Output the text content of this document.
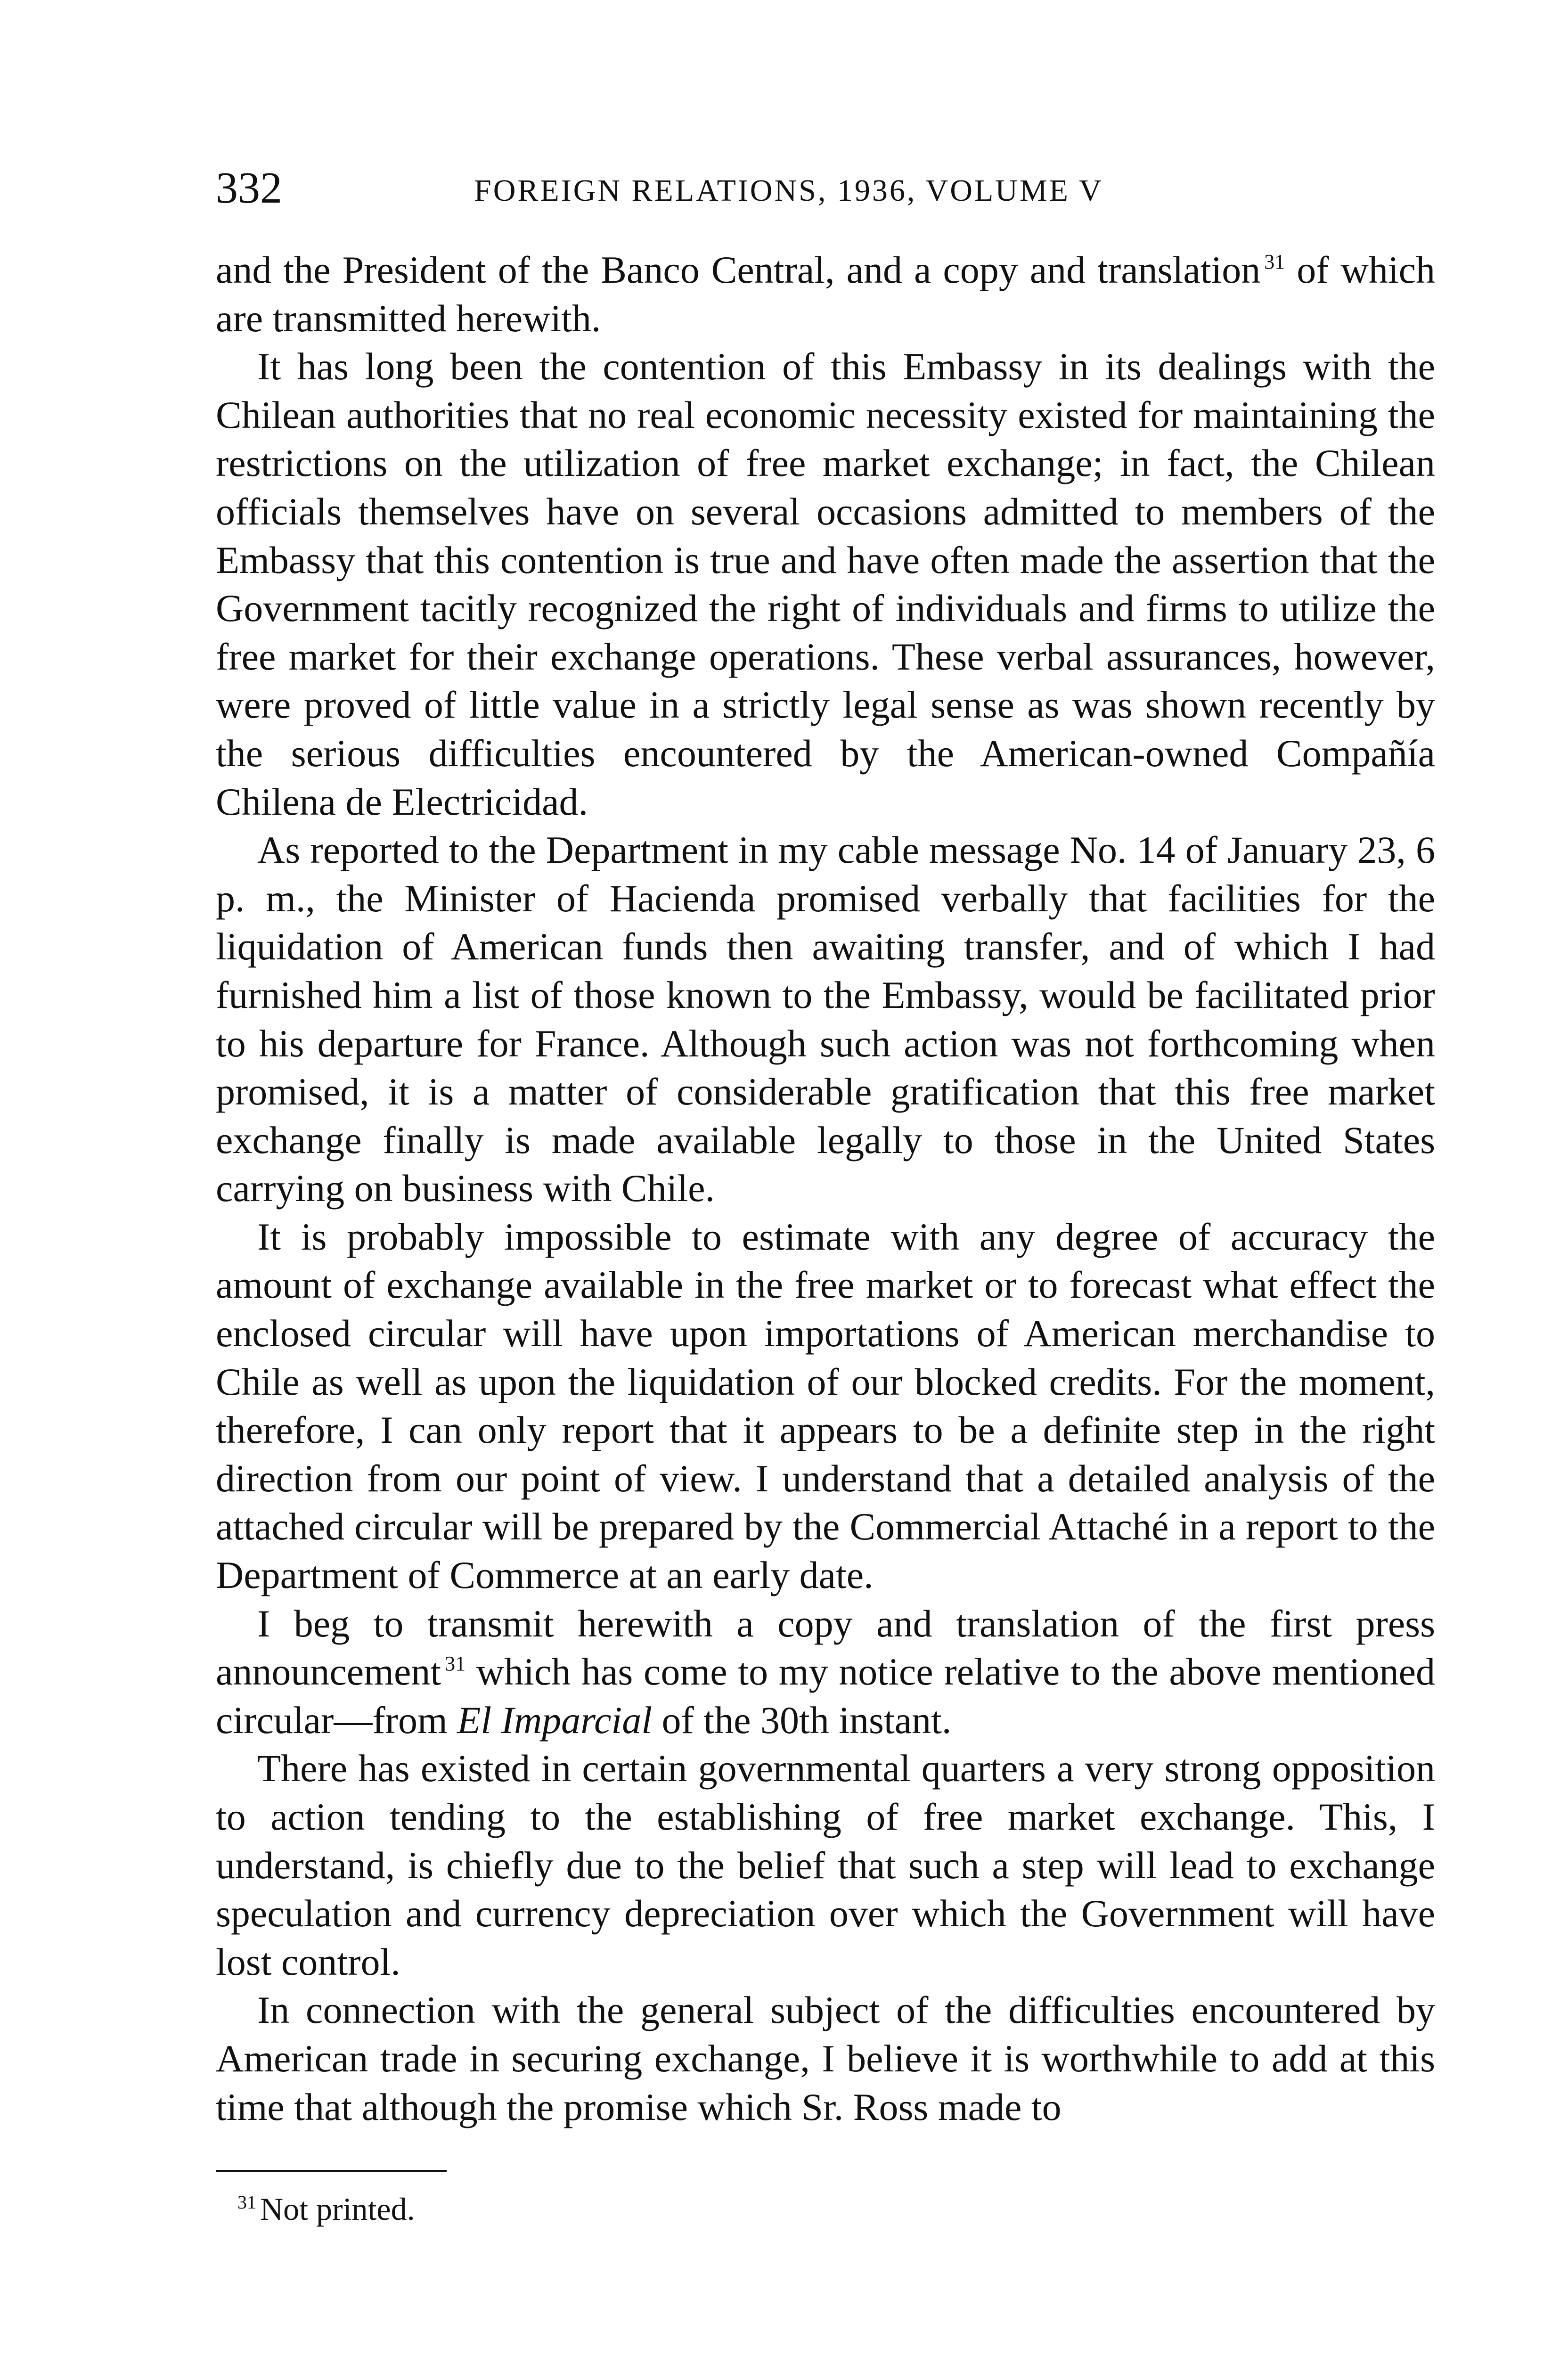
332	FOREIGN RELATIONS, 1936, VOLUME V

and the President of the Banco Central, and a copy and translation $^{31}$ of which are transmitted herewith.

It has long been the contention of this Embassy in its dealings with the Chilean authorities that no real economic necessity existed for maintaining the restrictions on the utilization of free market exchange; in fact, the Chilean officials themselves have on several occasions admitted to members of the Embassy that this contention is true and have often made the assertion that the Government tacitly recognized the right of individuals and firms to utilize the free market for their exchange operations. These verbal assurances, however, were proved of little value in a strictly legal sense as was shown recently by the serious difficulties encountered by the American-owned Compañía Chilena de Electricidad.

As reported to the Department in my cable message No. 14 of January 23, 6 p. m., the Minister of Hacienda promised verbally that facilities for the liquidation of American funds then awaiting transfer, and of which I had furnished him a list of those known to the Embassy, would be facilitated prior to his departure for France. Although such action was not forthcoming when promised, it is a matter of considerable gratification that this free market exchange finally is made available legally to those in the United States carrying on business with Chile.

It is probably impossible to estimate with any degree of accuracy the amount of exchange available in the free market or to forecast what effect the enclosed circular will have upon importations of American merchandise to Chile as well as upon the liquidation of our blocked credits. For the moment, therefore, I can only report that it appears to be a definite step in the right direction from our point of view. I understand that a detailed analysis of the attached circular will be prepared by the Commercial Attaché in a report to the Department of Commerce at an early date.

I beg to transmit herewith a copy and translation of the first press announcement $^{31}$ which has come to my notice relative to the above mentioned circular—from El Imparcial of the 30th instant.

There has existed in certain governmental quarters a very strong opposition to action tending to the establishing of free market exchange. This, I understand, is chiefly due to the belief that such a step will lead to exchange speculation and currency depreciation over which the Government will have lost control.

In connection with the general subject of the difficulties encountered by American trade in securing exchange, I believe it is worthwhile to add at this time that although the promise which Sr. Ross made to

$^{31}$ Not printed.
